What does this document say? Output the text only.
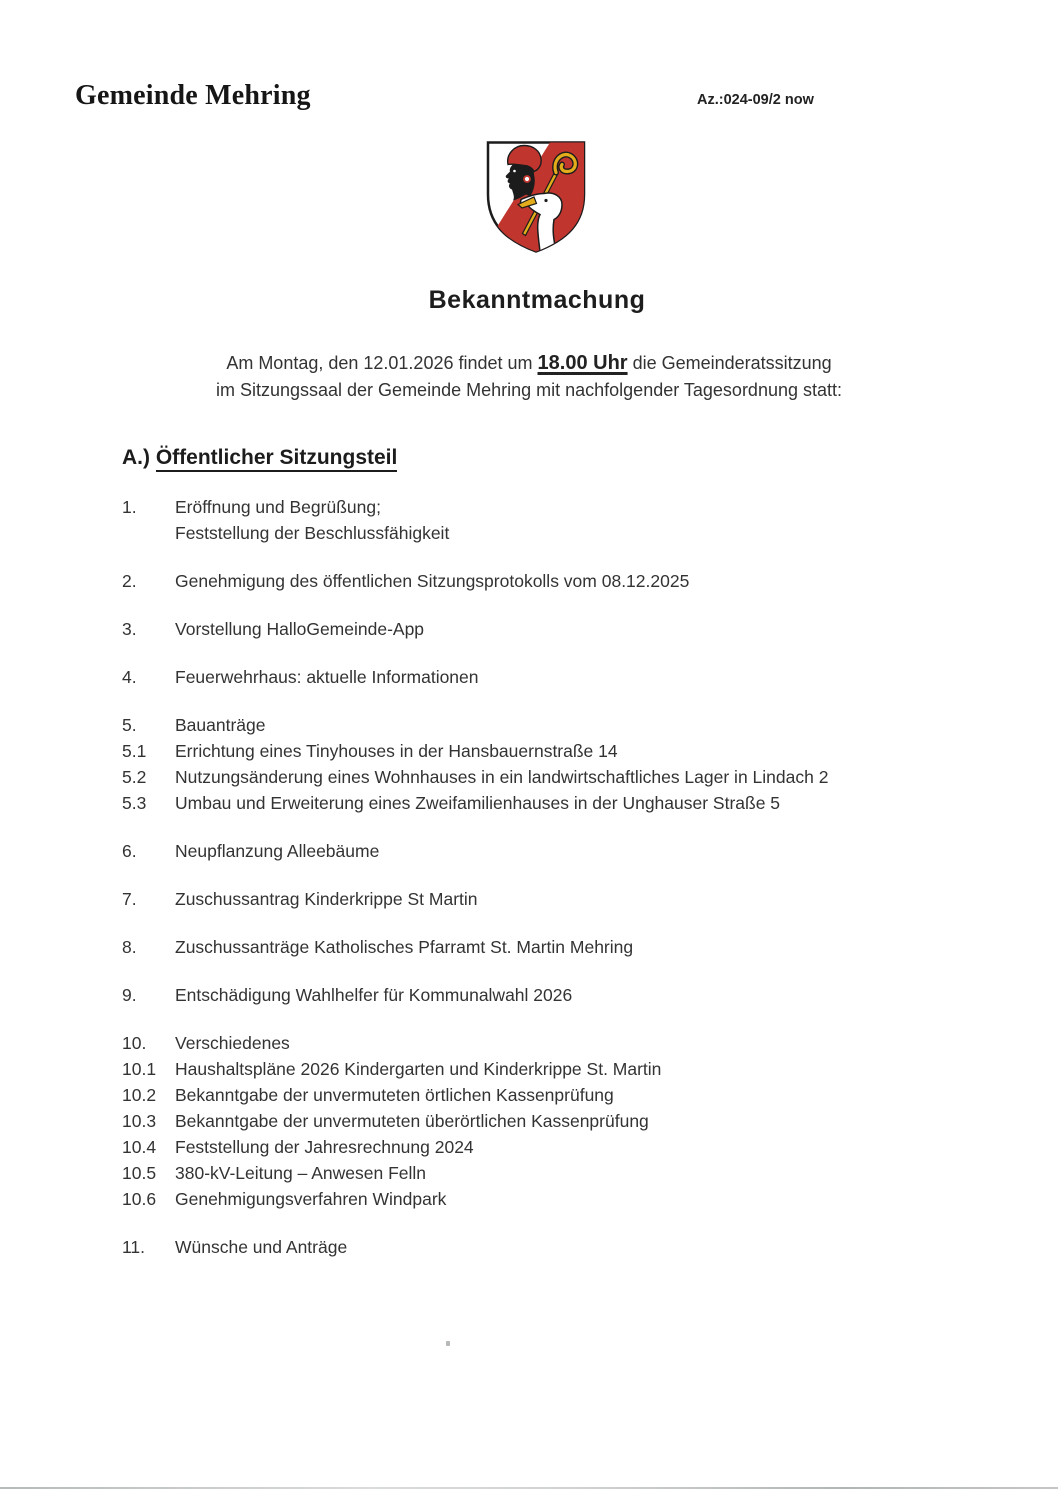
Gemeinde Mehring	Az.:024-09/2 now
Bekanntmachung
Am Montag, den 12.01.2026 findet um 18.00 Uhr die Gemeinderatssitzung
im Sitzungssaal der Gemeinde Mehring mit nachfolgender Tagesordnung statt:
A.) Öffentlicher Sitzungsteil
1.	Eröffnung und Begrüßung;
Feststellung der Beschlussfähigkeit
2.	Genehmigung des öffentlichen Sitzungsprotokolls vom 08.12.2025
3.	Vorstellung HalloGemeinde-App
4.	Feuerwehrhaus: aktuelle Informationen
5.	Bauanträge
5.1	Errichtung eines Tinyhouses in der Hansbauernstraße 14
5.2	Nutzungsänderung eines Wohnhauses in ein landwirtschaftliches Lager in Lindach 2
5.3	Umbau und Erweiterung eines Zweifamilienhauses in der Unghauser Straße 5
6.	Neupflanzung Alleebäume
7.	Zuschussantrag Kinderkrippe St Martin
8.	Zuschussanträge Katholisches Pfarramt St. Martin Mehring
9.	Entschädigung Wahlhelfer für Kommunalwahl 2026
10.	Verschiedenes
10.1	Haushaltspläne 2026 Kindergarten und Kinderkrippe St. Martin
10.2	Bekanntgabe der unvermuteten örtlichen Kassenprüfung
10.3	Bekanntgabe der unvermuteten überörtlichen Kassenprüfung
10.4	Feststellung der Jahresrechnung 2024
10.5	380-kV-Leitung – Anwesen Felln
10.6	Genehmigungsverfahren Windpark
11.	Wünsche und Anträge
